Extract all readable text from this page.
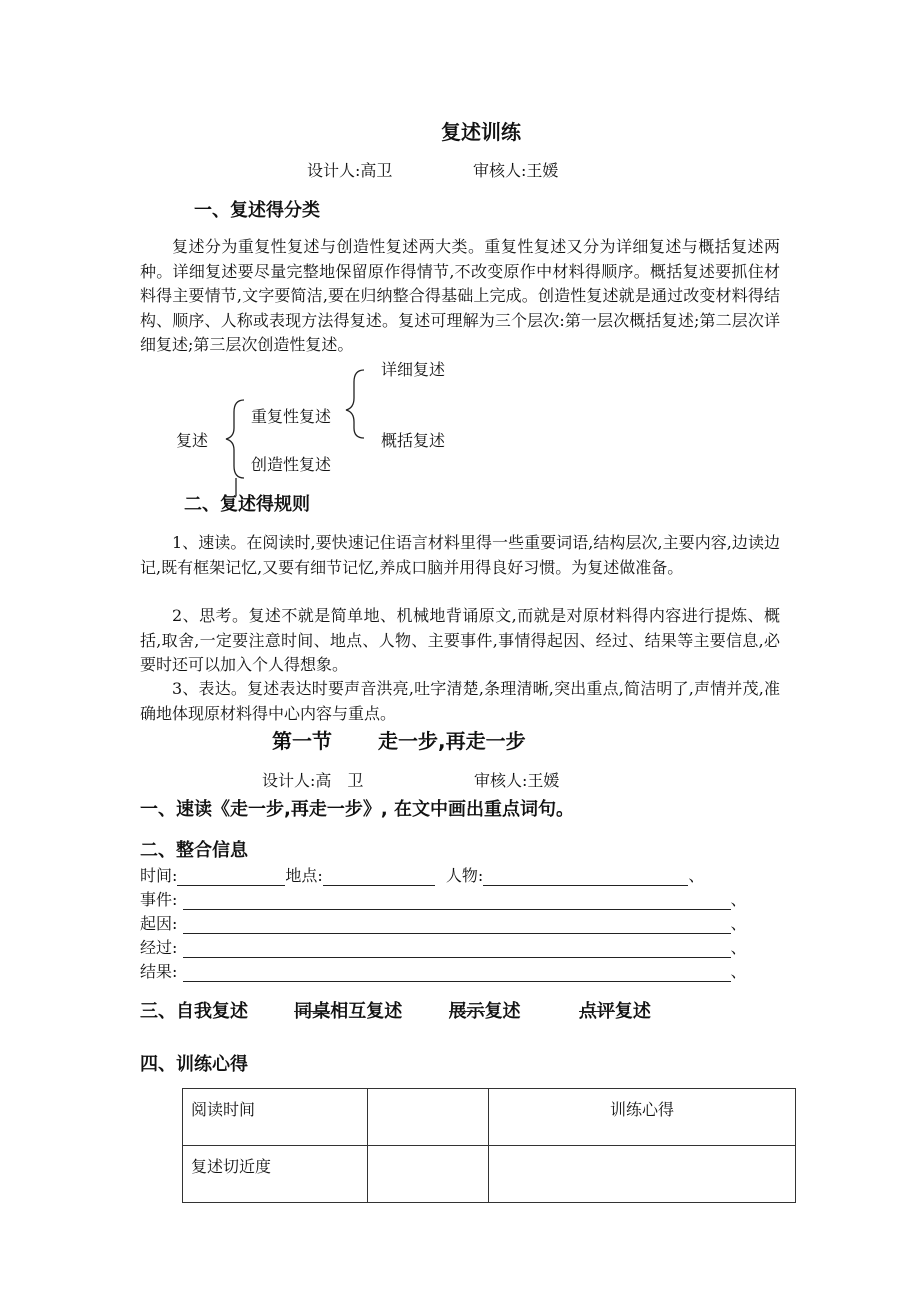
复述训练
设计人:高卫	审核人:王媛
一、复述得分类
复述分为重复性复述与创造性复述两大类。重复性复述又分为详细复述与概括复述两种。详细复述要尽量完整地保留原作得情节,不改变原作中材料得顺序。概括复述要抓住材料得主要情节,文字要简洁,要在归纳整合得基础上完成。创造性复述就是通过改变材料得结构、顺序、人称或表现方法得复述。复述可理解为三个层次:第一层次概括复述;第二层次详细复述;第三层次创造性复述。
复述
重复性复述
创造性复述
详细复述
概括复述
二、复述得规则
1、速读。在阅读时,要快速记住语言材料里得一些重要词语,结构层次,主要内容,边读边记,既有框架记忆,又要有细节记忆,养成口脑并用得良好习惯。为复述做准备。
2、思考。复述不就是简单地、机械地背诵原文,而就是对原材料得内容进行提炼、概括,取舍,一定要注意时间、地点、人物、主要事件,事情得起因、经过、结果等主要信息,必要时还可以加入个人得想象。
3、表达。复述表达时要声音洪亮,吐字清楚,条理清晰,突出重点,简洁明了,声情并茂,准确地体现原材料得中心内容与重点。
第一节 走一步,再走一步
设计人:高　卫	审核人:王媛
一、速读《走一步,再走一步》, 在文中画出重点词句。
二、整合信息
时间:	地点:	人物:	、
事件:	、
起因:	、
经过:	、
结果:	、
三、自我复述	同桌相互复述	展示复述	点评复述
四、训练心得
阅读时间		训练心得
复述切近度		
